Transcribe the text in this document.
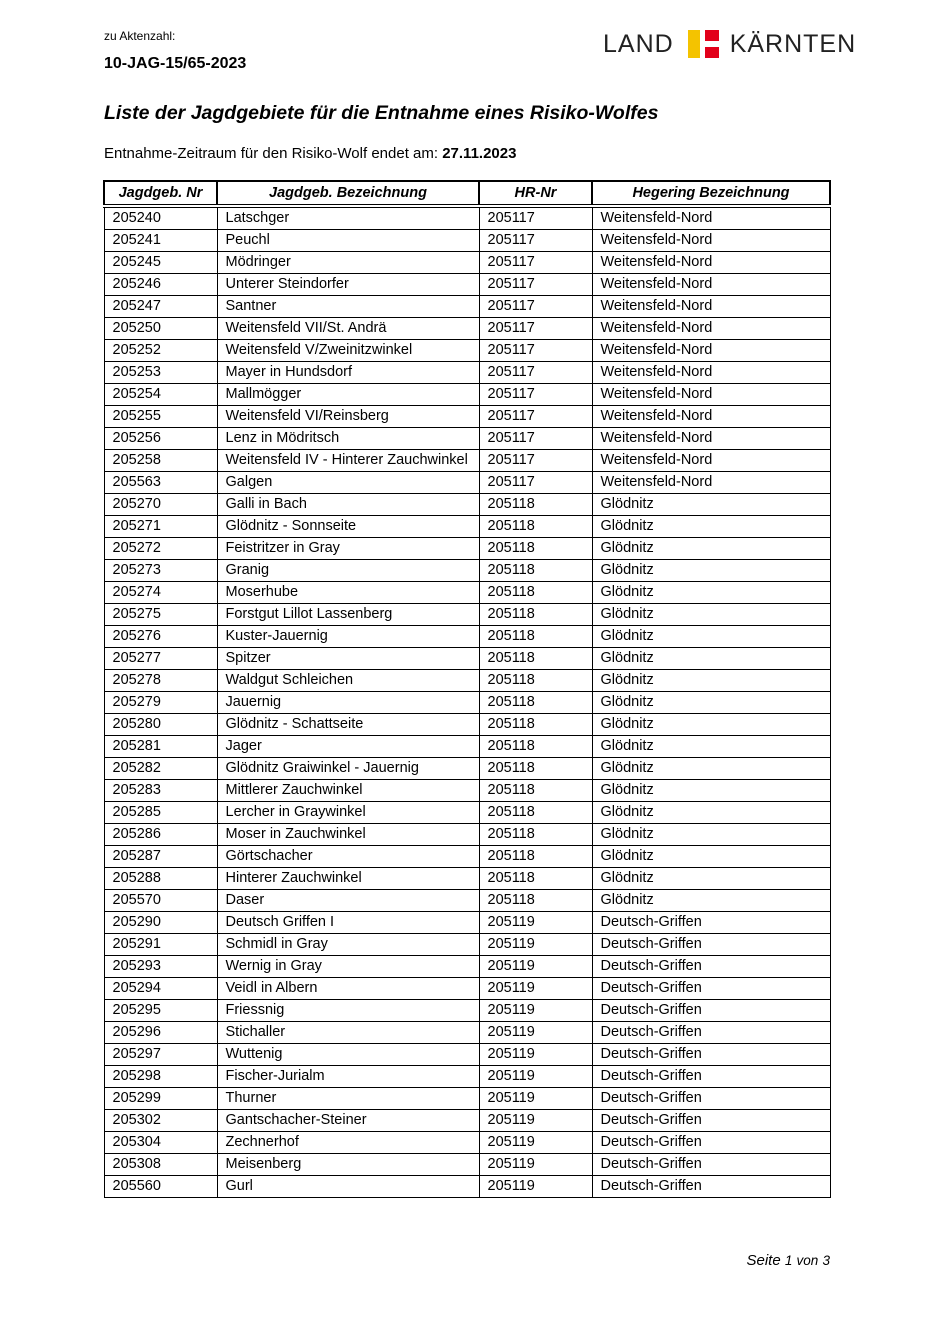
zu Aktenzahl:
10-JAG-15/65-2023
LAND KÄRNTEN
Liste der Jagdgebiete für die Entnahme eines Risiko-Wolfes
Entnahme-Zeitraum für den Risiko-Wolf endet am: 27.11.2023
Jagdgeb. Nr	Jagdgeb. Bezeichnung	HR-Nr	Hegering Bezeichnung
205240	Latschger	205117	Weitensfeld-Nord
205241	Peuchl	205117	Weitensfeld-Nord
205245	Mödringer	205117	Weitensfeld-Nord
205246	Unterer Steindorfer	205117	Weitensfeld-Nord
205247	Santner	205117	Weitensfeld-Nord
205250	Weitensfeld VII/St. Andrä	205117	Weitensfeld-Nord
205252	Weitensfeld V/Zweinitzwinkel	205117	Weitensfeld-Nord
205253	Mayer in Hundsdorf	205117	Weitensfeld-Nord
205254	Mallmögger	205117	Weitensfeld-Nord
205255	Weitensfeld VI/Reinsberg	205117	Weitensfeld-Nord
205256	Lenz in Mödritsch	205117	Weitensfeld-Nord
205258	Weitensfeld IV - Hinterer Zauchwinkel	205117	Weitensfeld-Nord
205563	Galgen	205117	Weitensfeld-Nord
205270	Galli in Bach	205118	Glödnitz
205271	Glödnitz - Sonnseite	205118	Glödnitz
205272	Feistritzer in Gray	205118	Glödnitz
205273	Granig	205118	Glödnitz
205274	Moserhube	205118	Glödnitz
205275	Forstgut Lillot Lassenberg	205118	Glödnitz
205276	Kuster-Jauernig	205118	Glödnitz
205277	Spitzer	205118	Glödnitz
205278	Waldgut Schleichen	205118	Glödnitz
205279	Jauernig	205118	Glödnitz
205280	Glödnitz - Schattseite	205118	Glödnitz
205281	Jager	205118	Glödnitz
205282	Glödnitz Graiwinkel - Jauernig	205118	Glödnitz
205283	Mittlerer Zauchwinkel	205118	Glödnitz
205285	Lercher in Graywinkel	205118	Glödnitz
205286	Moser in Zauchwinkel	205118	Glödnitz
205287	Görtschacher	205118	Glödnitz
205288	Hinterer Zauchwinkel	205118	Glödnitz
205570	Daser	205118	Glödnitz
205290	Deutsch Griffen I	205119	Deutsch-Griffen
205291	Schmidl in Gray	205119	Deutsch-Griffen
205293	Wernig in Gray	205119	Deutsch-Griffen
205294	Veidl in Albern	205119	Deutsch-Griffen
205295	Friessnig	205119	Deutsch-Griffen
205296	Stichaller	205119	Deutsch-Griffen
205297	Wuttenig	205119	Deutsch-Griffen
205298	Fischer-Jurialm	205119	Deutsch-Griffen
205299	Thurner	205119	Deutsch-Griffen
205302	Gantschacher-Steiner	205119	Deutsch-Griffen
205304	Zechnerhof	205119	Deutsch-Griffen
205308	Meisenberg	205119	Deutsch-Griffen
205560	Gurl	205119	Deutsch-Griffen
Seite 1 von 3
